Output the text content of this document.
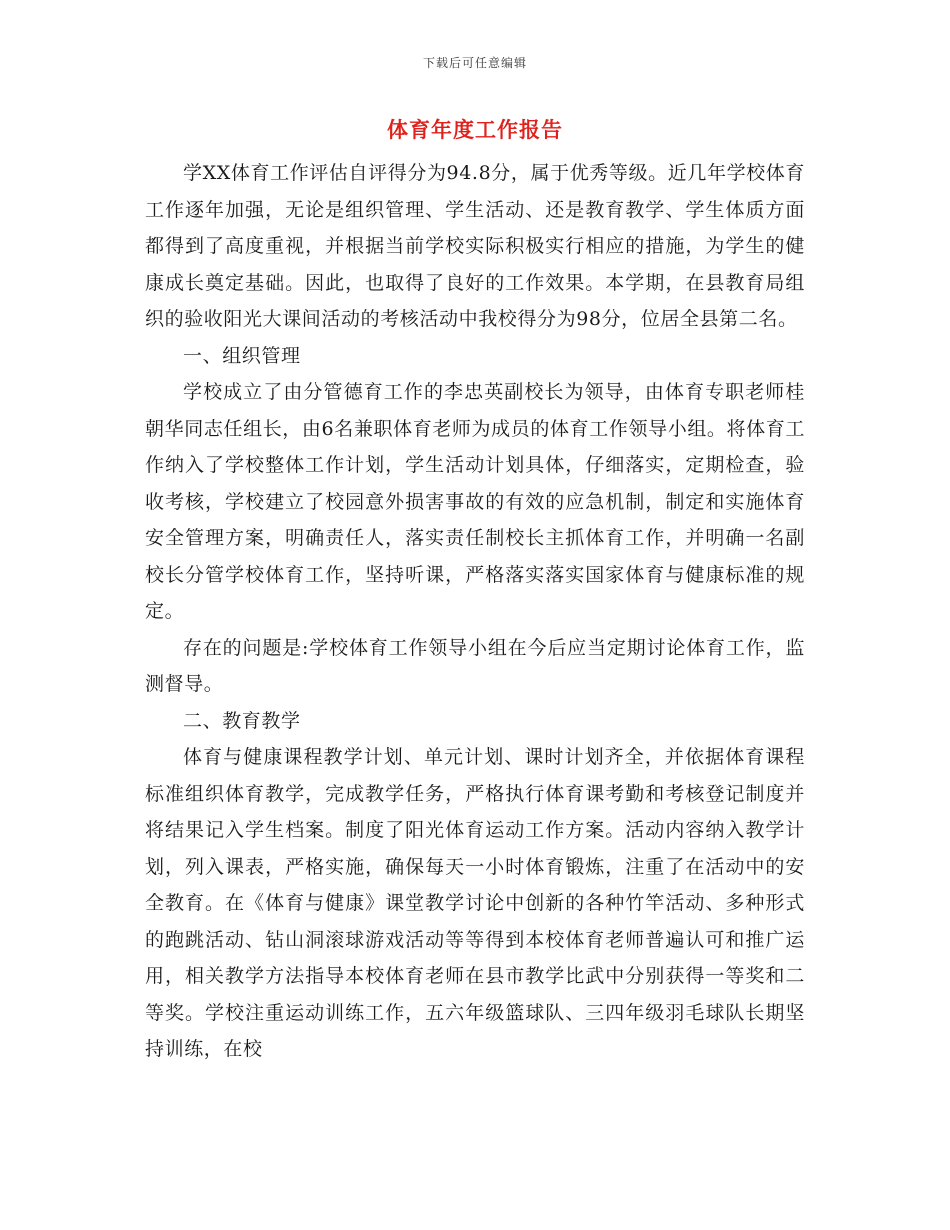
下载后可任意编辑
体育年度工作报告

学XX体育工作评估自评得分为94.8分，属于优秀等级。近几年学校体育工作逐年加强，无论是组织管理、学生活动、还是教育教学、学生体质方面都得到了高度重视，并根据当前学校实际积极实行相应的措施，为学生的健康成长奠定基础。因此，也取得了良好的工作效果。本学期，在县教育局组织的验收阳光大课间活动的考核活动中我校得分为98分，位居全县第二名。

一、组织管理

学校成立了由分管德育工作的李忠英副校长为领导，由体育专职老师桂朝华同志任组长，由6名兼职体育老师为成员的体育工作领导小组。将体育工作纳入了学校整体工作计划，学生活动计划具体，仔细落实，定期检查，验收考核，学校建立了校园意外损害事故的有效的应急机制，制定和实施体育安全管理方案，明确责任人，落实责任制校长主抓体育工作，并明确一名副校长分管学校体育工作，坚持听课，严格落实落实国家体育与健康标准的规定。

存在的问题是:学校体育工作领导小组在今后应当定期讨论体育工作，监测督导。

二、教育教学

体育与健康课程教学计划、单元计划、课时计划齐全，并依据体育课程标准组织体育教学，完成教学任务，严格执行体育课考勤和考核登记制度并将结果记入学生档案。制度了阳光体育运动工作方案。活动内容纳入教学计划，列入课表，严格实施，确保每天一小时体育锻炼，注重了在活动中的安全教育。在《体育与健康》课堂教学讨论中创新的各种竹竿活动、多种形式的跑跳活动、钻山洞滚球游戏活动等等得到本校体育老师普遍认可和推广运用，相关教学方法指导本校体育老师在县市教学比武中分别获得一等奖和二等奖。学校注重运动训练工作，五六年级篮球队、三四年级羽毛球队长期坚持训练，在校
